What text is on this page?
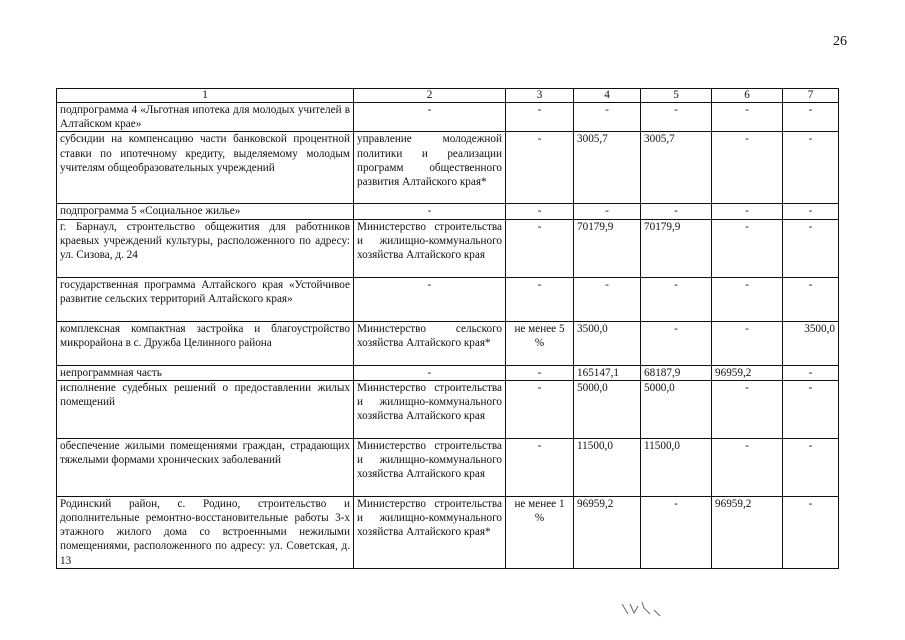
26
1	2	3	4	5	6	7
подпрограмма 4 «Льготная ипотека для молодых учителей в Алтайском крае»	-	-	-	-	-	-
субсидии на компенсацию части банковской процентной ставки по ипотечному кредиту, выделяемому молодым учителям общеобразовательных учреждений	управление молодежной политики и реализации программ общественного развития Алтайского края*	-	3005,7	3005,7	-	-
подпрограмма 5 «Социальное жилье»	-	-	-	-	-	-
г. Барнаул, строительство общежития для работников краевых учреждений культуры, расположенного по адресу: ул. Сизова, д. 24	Министерство строительства и жилищно-коммунального хозяйства Алтайского края	-	70179,9	70179,9	-	-
государственная программа Алтайского края «Устойчивое развитие сельских территорий Алтайского края»	-	-	-	-	-	-
комплексная компактная застройка и благоустройство микрорайона в с. Дружба Целинного района	Министерство сельского хозяйства Алтайского края*	не менее 5 %	3500,0	-	-	3500,0
непрограммная часть	-	-	165147,1	68187,9	96959,2	-
исполнение судебных решений о предоставлении жилых помещений	Министерство строительства и жилищно-коммунального хозяйства Алтайского края	-	5000,0	5000,0	-	-
обеспечение жилыми помещениями граждан, страдающих тяжелыми формами хронических заболеваний	Министерство строительства и жилищно-коммунального хозяйства Алтайского края	-	11500,0	11500,0	-	-
Родинский район, с. Родино, строительство и дополнительные ремонтно-восстановительные работы 3-х этажного жилого дома со встроенными нежилыми помещениями, расположенного по адресу: ул. Советская, д. 13	Министерство строительства и жилищно-коммунального хозяйства Алтайского края*	не менее 1 %	96959,2	-	96959,2	-
